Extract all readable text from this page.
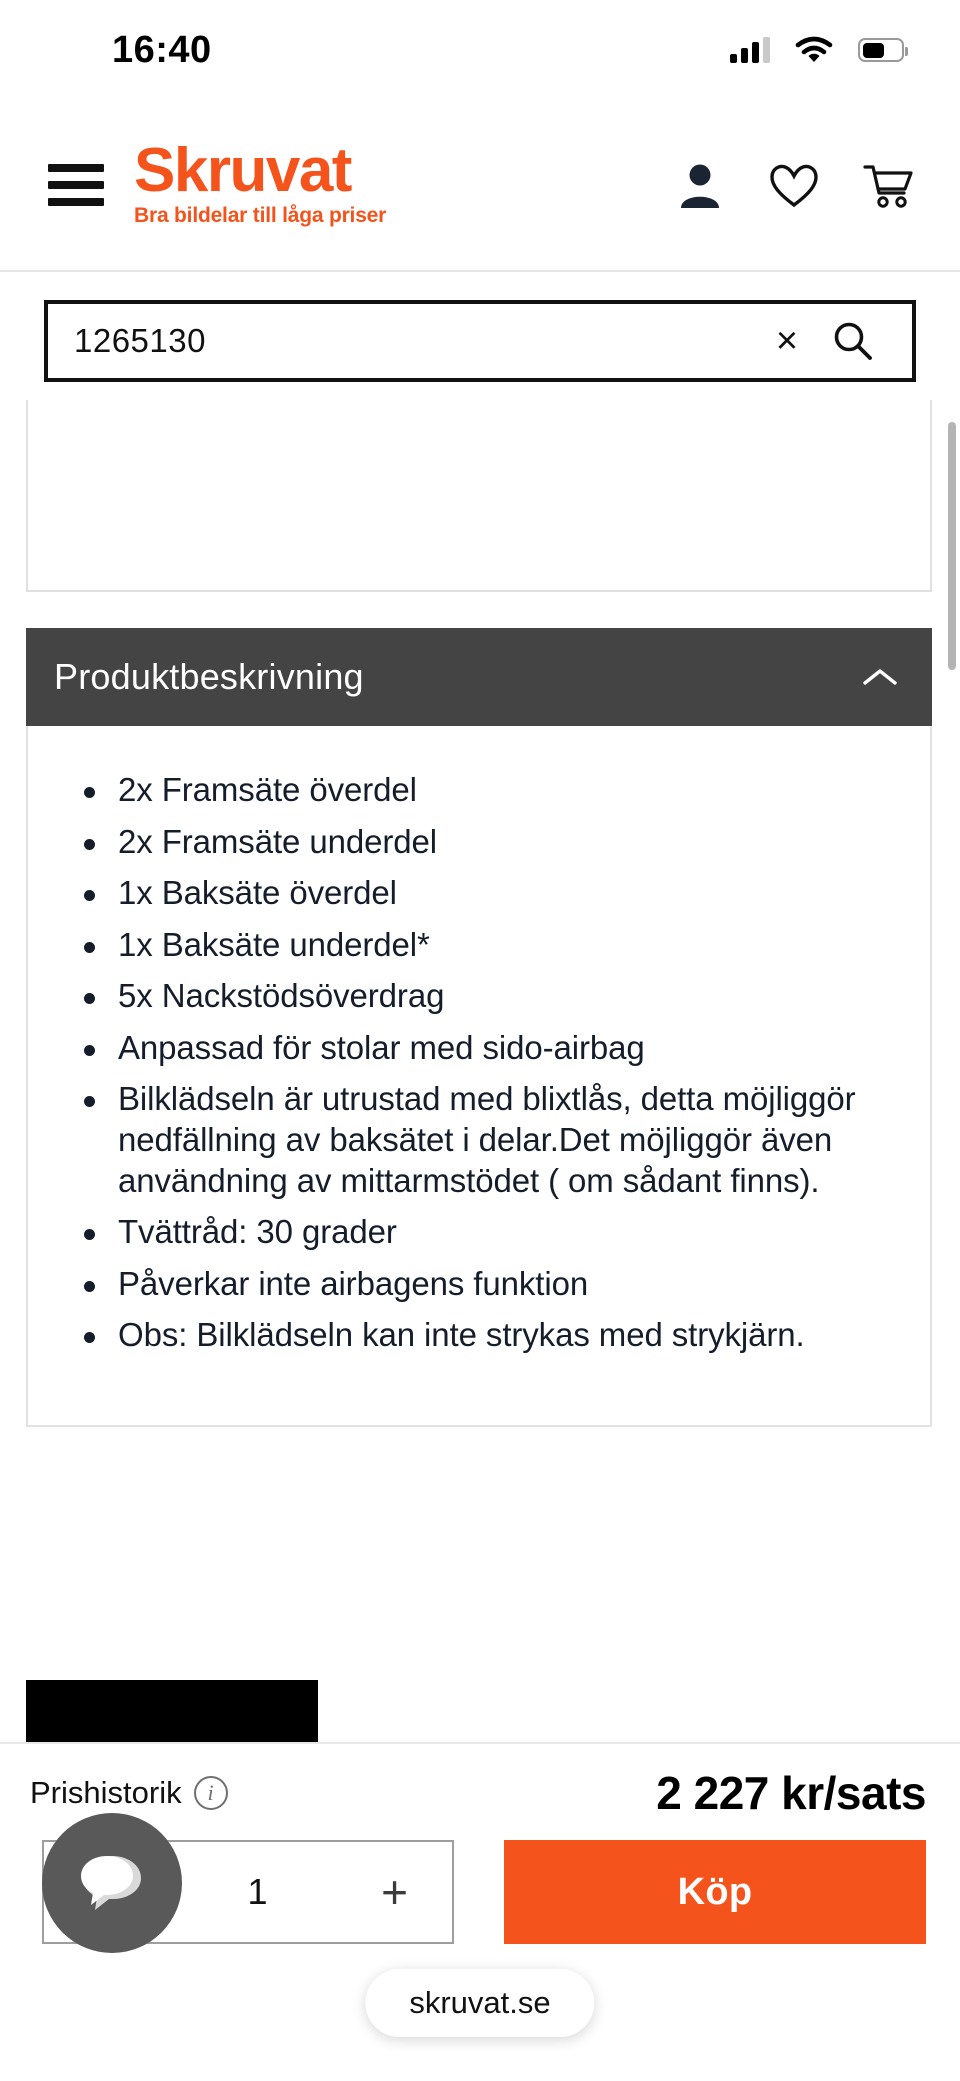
16:40
Skruvat
Bra bildelar till låga priser
1265130	×
Produktbeskrivning
2x Framsäte överdel
2x Framsäte underdel
1x Baksäte överdel
1x Baksäte underdel*
5x Nackstödsöverdrag
Anpassad för stolar med sido-airbag
Bilklädseln är utrustad med blixtlås, detta möjliggör nedfällning av baksätet i delar.Det möjliggör även användning av mittarmstödet ( om sådant finns).
Tvättråd: 30 grader
Påverkar inte airbagens funktion
Obs: Bilklädseln kan inte strykas med strykjärn.
Prishistorik	i	2 227 kr/sats
1	+	Köp
skruvat.se
